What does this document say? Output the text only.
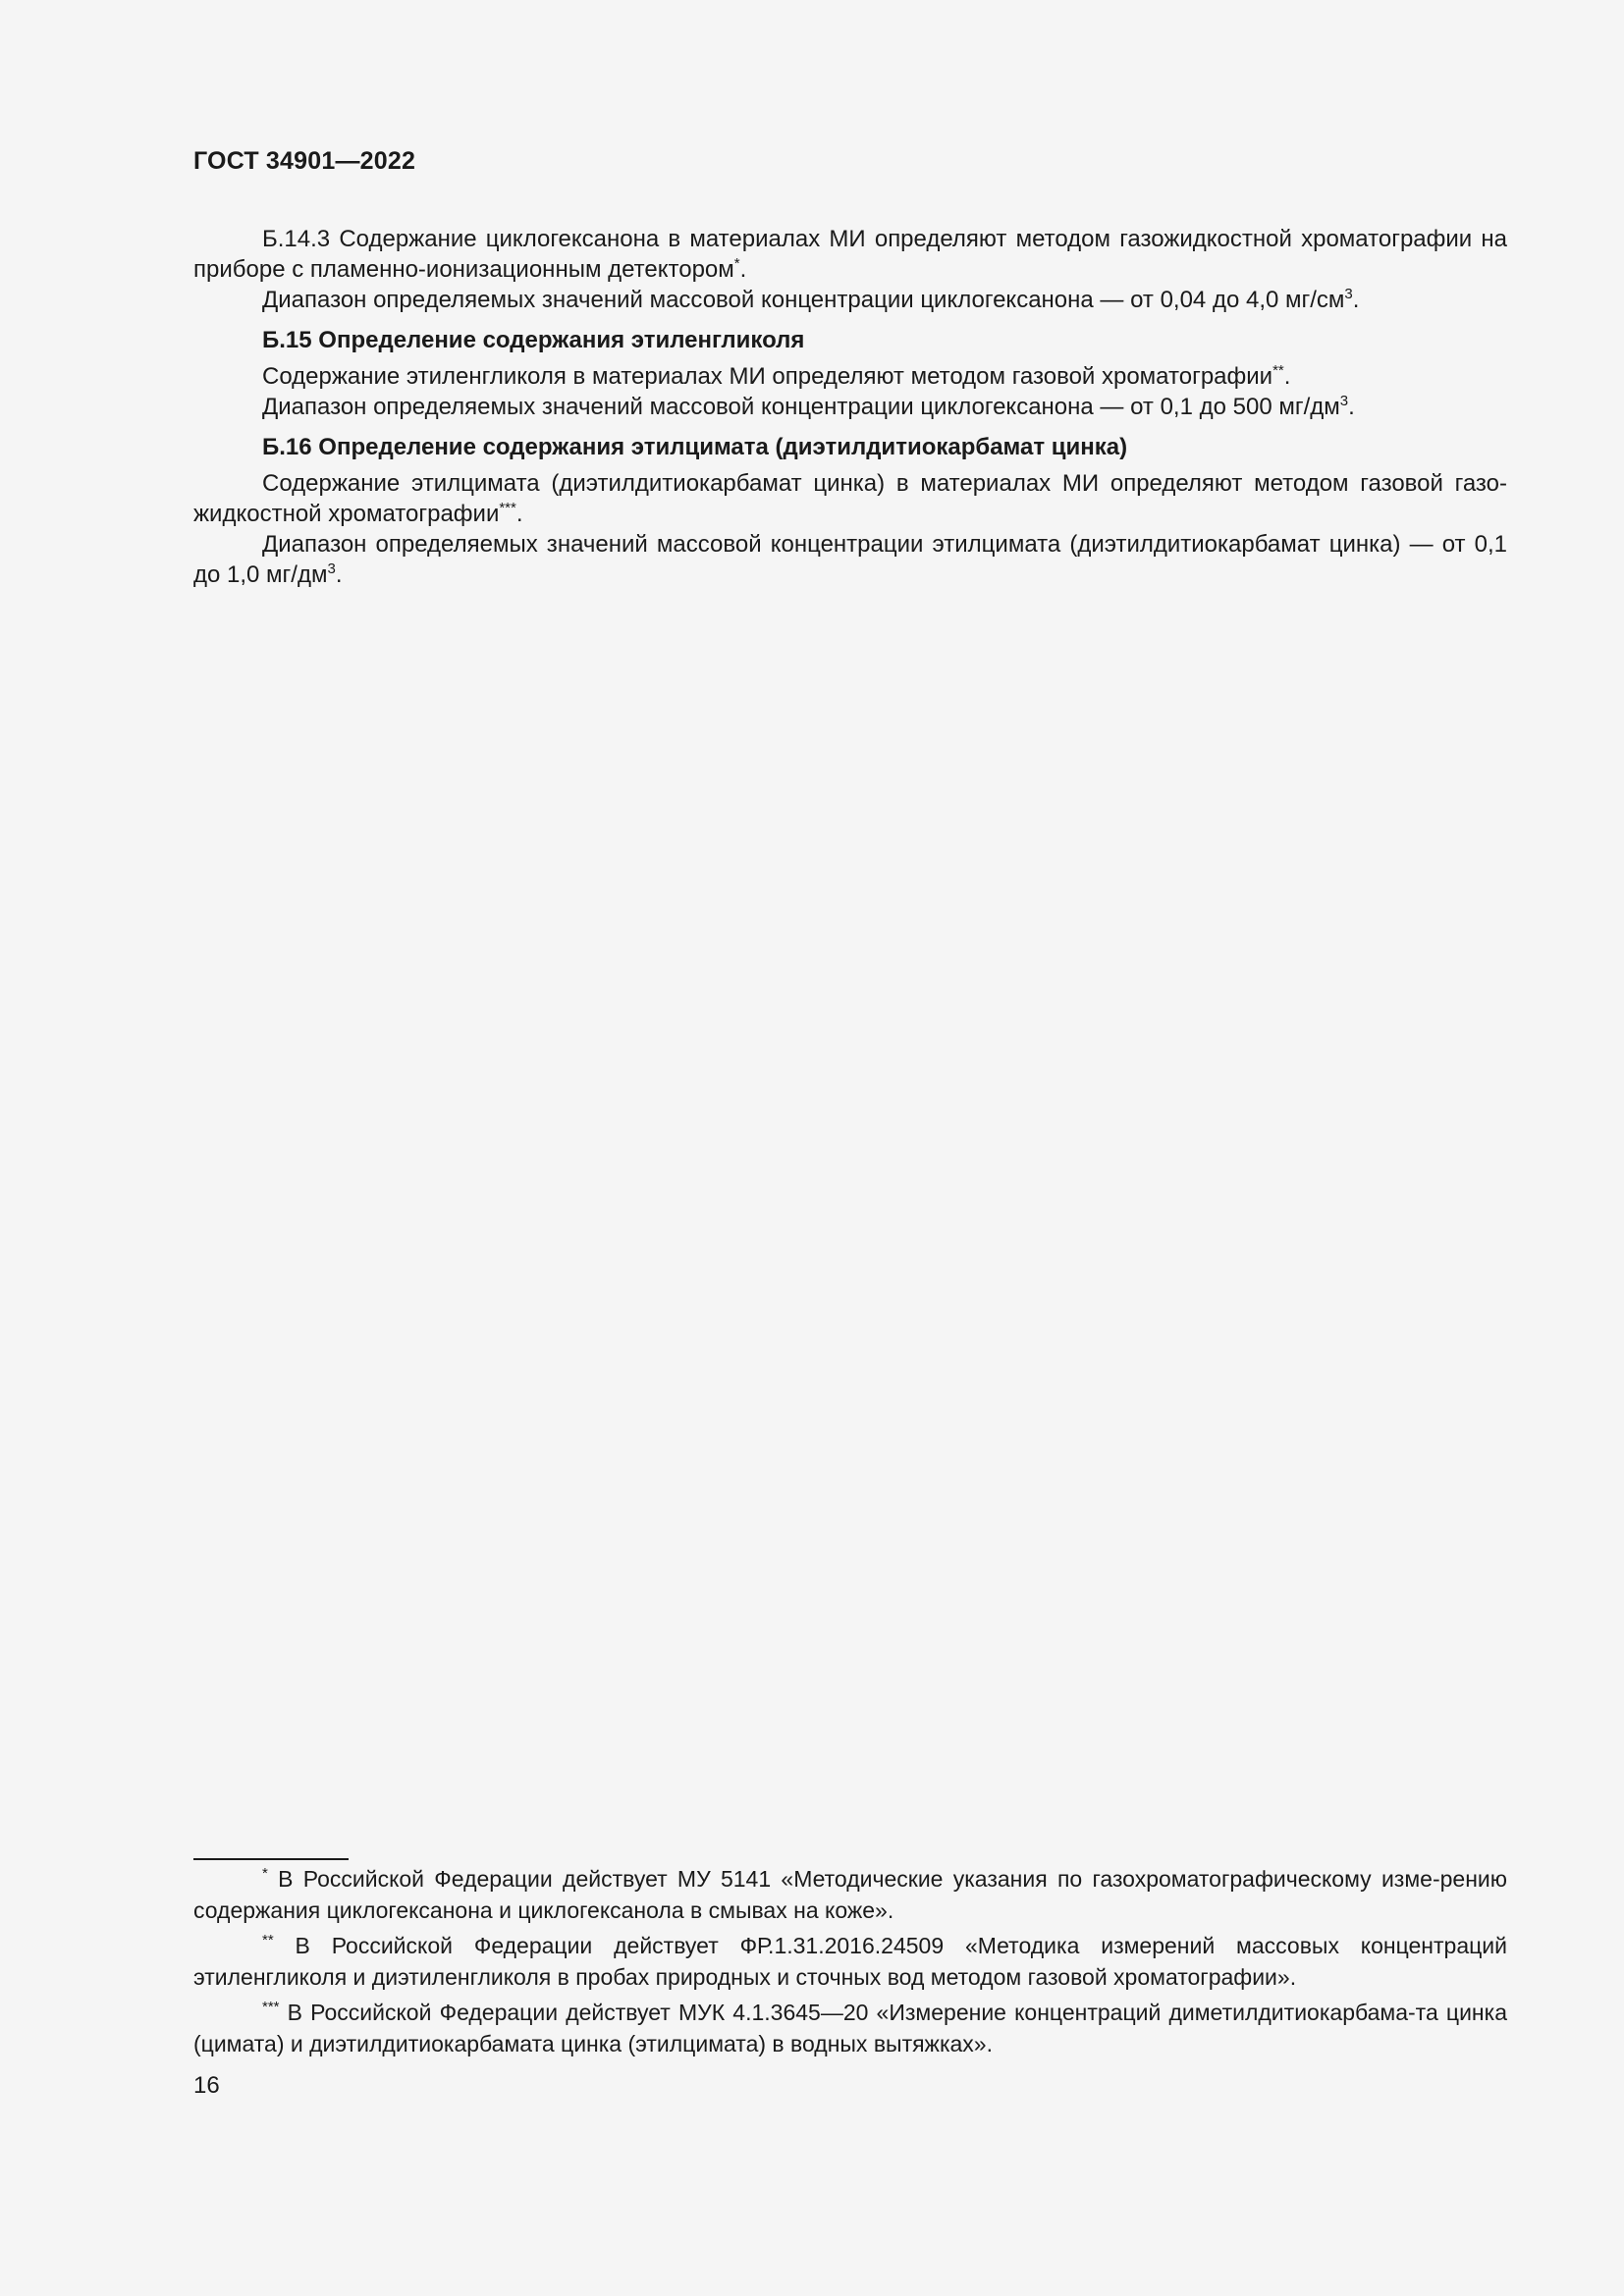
ГОСТ 34901—2022

Б.14.3 Содержание циклогексанона в материалах МИ определяют методом газожидкостной хроматографии на приборе с пламенно-ионизационным детектором*.

Диапазон определяемых значений массовой концентрации циклогексанона — от 0,04 до 4,0 $мг/см^3$.

Б.15 Определение содержания этиленгликоля

Содержание этиленгликоля в материалах МИ определяют методом газовой хроматографии**.

Диапазон определяемых значений массовой концентрации циклогексанона — от 0,1 до 500 $мг/дм^3$.

Б.16 Определение содержания этилцимата (диэтилдитиокарбамат цинка)

Содержание этилцимата (диэтилдитиокарбамат цинка) в материалах МИ определяют методом газовой газо-жидкостной хроматографии***.

Диапазон определяемых значений массовой концентрации этилцимата (диэтилдитиокарбамат цинка) — от 0,1 до 1,0 $мг/дм^3$.

* В Российской Федерации действует МУ 5141 «Методические указания по газохроматографическому изме-рению содержания циклогексанона и циклогексанола в смывах на коже».

** В Российской Федерации действует ФР.1.31.2016.24509 «Методика измерений массовых концентраций этиленгликоля и диэтиленгликоля в пробах природных и сточных вод методом газовой хроматографии».

*** В Российской Федерации действует МУК 4.1.3645—20 «Измерение концентраций диметилдитиокарбама-та цинка (цимата) и диэтилдитиокарбамата цинка (этилцимата) в водных вытяжках».

16
